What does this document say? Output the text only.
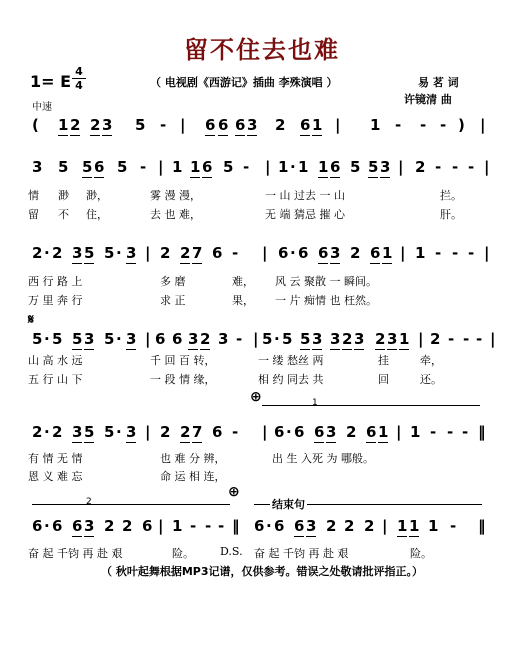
留不住去也难
1= E
4
4	（ 电视剧《西游记》插曲 李殊演唱 ）	易 茗 词
许镜清 曲
中速
( 1 2 2 3 5 - | 6 6 6 3 2 6 1 | 1 - - - ) |
3 5 5 6 5 - | 1 1 6 5 - | 1 · 1 1 6 5 5 3 | 2 - - - |
2 · 2 3 5 5 · 3 | 2 2 7 6 - | 6 · 6 6 3 2 6 1 | 1 - - - |
5 · 5 5 3 5 · 3 | 6 6 3 2 3 - | 5 · 5 5 3 3 2 3 2 3 1 | 2 - - - |
2 · 2 3 5 5 · 3 | 2 2 7 6 - | 6 · 6 6 3 2 6 1 | 1 - - - ‖
6 · 6 6 3 2 2 6 | 1 - - - ‖ 6 · 6 6 3 2 2 2 | 1 1 1 - ‖
情 渺 渺，	雾 漫 漫，	一 山 过去 一 山	拦。
留 不 住，	去 也 难，	无 端 猜忌 摧 心	肝。
西 行 路 上	多 磨	难， 风 云 聚散 一 瞬间。
万 里 奔 行	求 正	果， 一 片 痴情 也 枉然。
山 高 水 远	千 回 百 转，	一 缕 愁丝 两	挂	牵，
五 行 山 下	一 段 情 缘，	相 约 同去 共	回	还。
有 情 无 情	也 难 分 辨，	出 生 入死 为 哪般。
恩 义 难 忘	命 运 相 连，
奋 起 千钧 再 赴 艰	险。 D.S. 奋 起 千钧 再 赴 艰	险。
𝄋
⊕
⊕
1
2	结束句
（ 秋叶起舞根据MP3记谱，仅供参考。错误之处敬请批评指正。）
